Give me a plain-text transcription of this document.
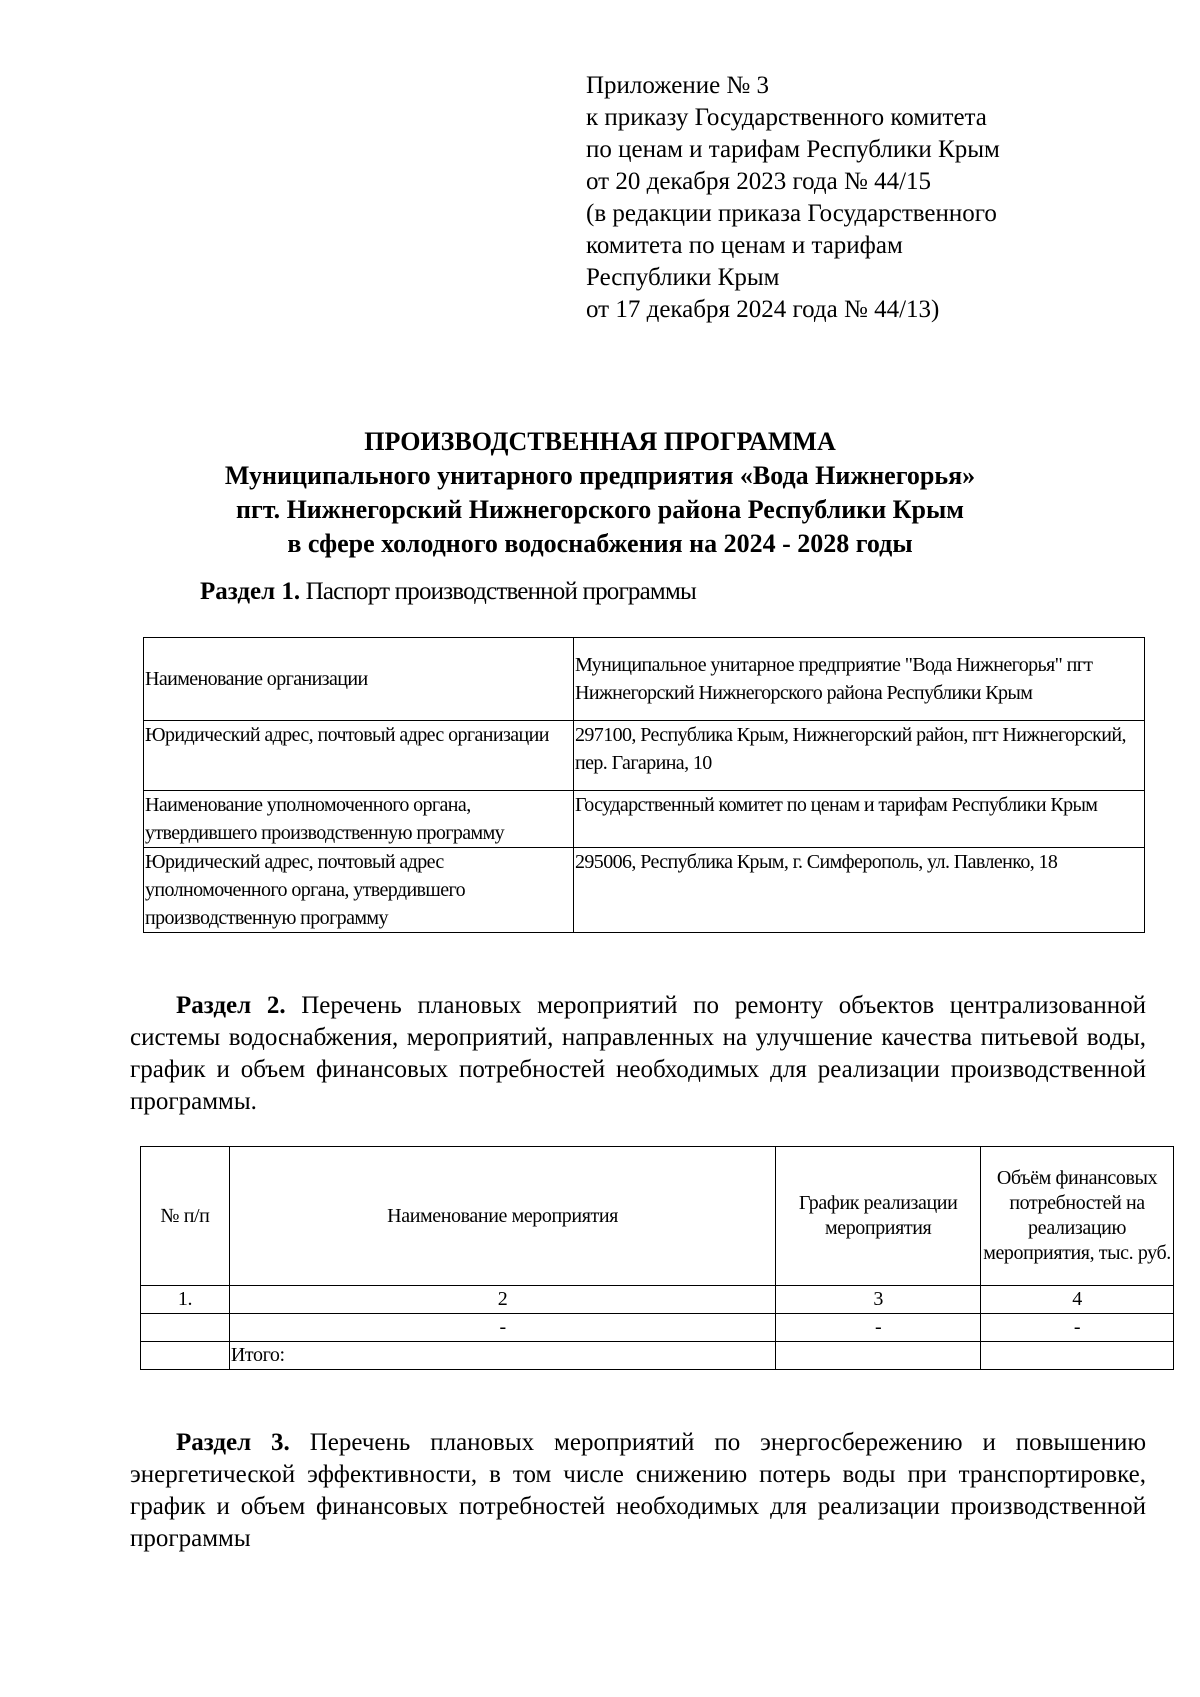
Приложение № 3
к приказу Государственного комитета
по ценам и тарифам Республики Крым
от 20 декабря 2023 года № 44/15
(в редакции приказа Государственного
комитета по ценам и тарифам
Республики Крым
от 17 декабря 2024 года № 44/13)
ПРОИЗВОДСТВЕННАЯ ПРОГРАММА
Муниципального унитарного предприятия «Вода Нижнегорья»
пгт. Нижнегорский Нижнегорского района Республики Крым
в сфере холодного водоснабжения на 2024 - 2028 годы
Раздел 1. Паспорт производственной программы
Наименование организации	Муниципальное унитарное предприятие "Вода Нижнегорья" пгт Нижнегорский Нижнегорского района Республики Крым
Юридический адрес, почтовый адрес организации	297100, Республика Крым, Нижнегорский район, пгт Нижнегорский, пер. Гагарина, 10
Наименование уполномоченного органа, утвердившего производственную программу	Государственный комитет по ценам и тарифам Республики Крым
Юридический адрес, почтовый адрес уполномоченного органа, утвердившего производственную программу	295006, Республика Крым, г. Симферополь, ул. Павленко, 18
Раздел 2. Перечень плановых мероприятий по ремонту объектов централизованной системы водоснабжения, мероприятий, направленных на улучшение качества питьевой воды, график и объем финансовых потребностей необходимых для реализации производственной программы.
№ п/п	Наименование мероприятия	График реализации мероприятия	Объём финансовых потребностей на реализацию мероприятия, тыс. руб.
1.	2	3	4
	-	-	-
	Итого:		
Раздел 3. Перечень плановых мероприятий по энергосбережению и повышению энергетической эффективности, в том числе снижению потерь воды при транспортировке, график и объем финансовых потребностей необходимых для реализации производственной программы
